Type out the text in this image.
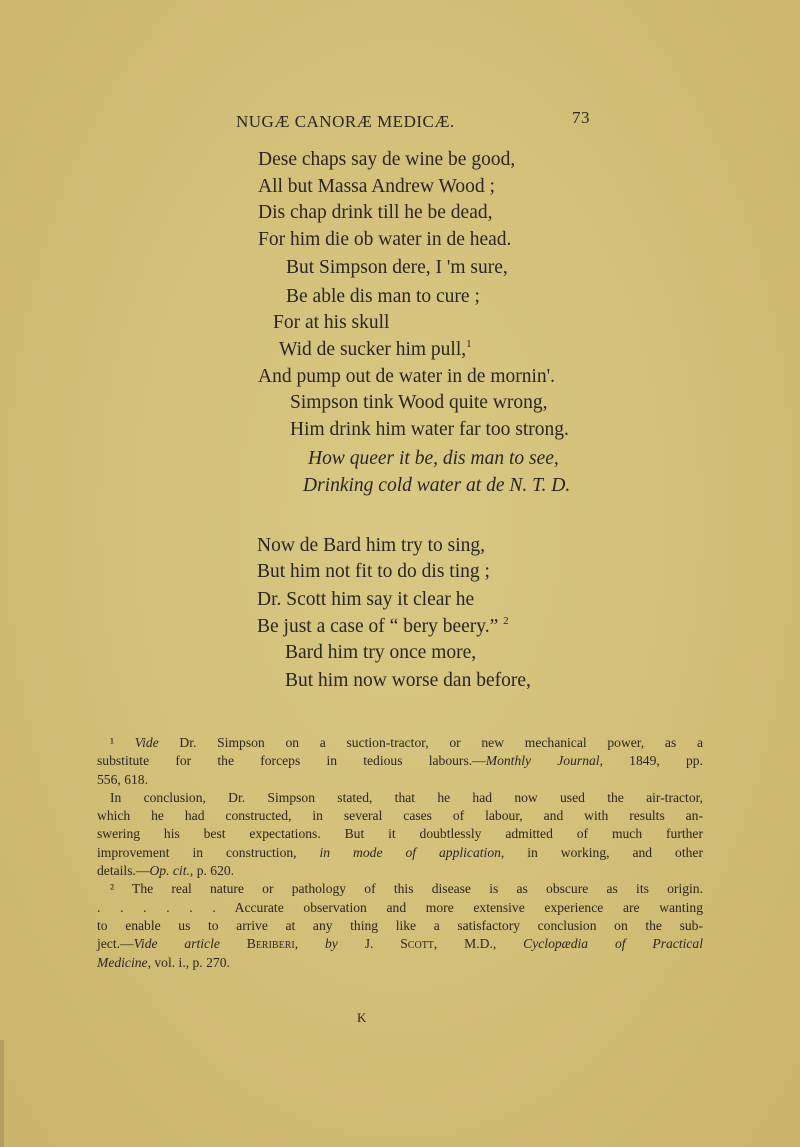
NUGÆ CANORÆ MEDICÆ.	73
Dese chaps say de wine be good,
All but Massa Andrew Wood ;
Dis chap drink till he be dead,
For him die ob water in de head.
But Simpson dere, I 'm sure,
Be able dis man to cure ;
For at his skull
Wid de sucker him pull,$^1$
And pump out de water in de mornin'.
Simpson tink Wood quite wrong,
Him drink him water far too strong.
How queer it be, dis man to see,
Drinking cold water at de N. T. D.
Now de Bard him try to sing,
But him not fit to do dis ting ;
Dr. Scott him say it clear he
Be just a case of “ bery beery.” $^2$
Bard him try once more,
But him now worse dan before,
¹ Vide Dr. Simpson on a suction-tractor, or new mechanical power, as a
substitute for the forceps in tedious labours.—Monthly Journal, 1849, pp.
556, 618.
In conclusion, Dr. Simpson stated, that he had now used the air-tractor,
which he had constructed, in several cases of labour, and with results an-
swering his best expectations. But it doubtlessly admitted of much further
improvement in construction, in mode of application, in working, and other
details.—Op. cit., p. 620.
² The real nature or pathology of this disease is as obscure as its origin.
. . . . . . Accurate observation and more extensive experience are wanting
to enable us to arrive at any thing like a satisfactory conclusion on the sub-
ject.—Vide article Beriberi, by J. Scott, M.D., Cyclopædia of Practical
Medicine, vol. i., p. 270.
K
